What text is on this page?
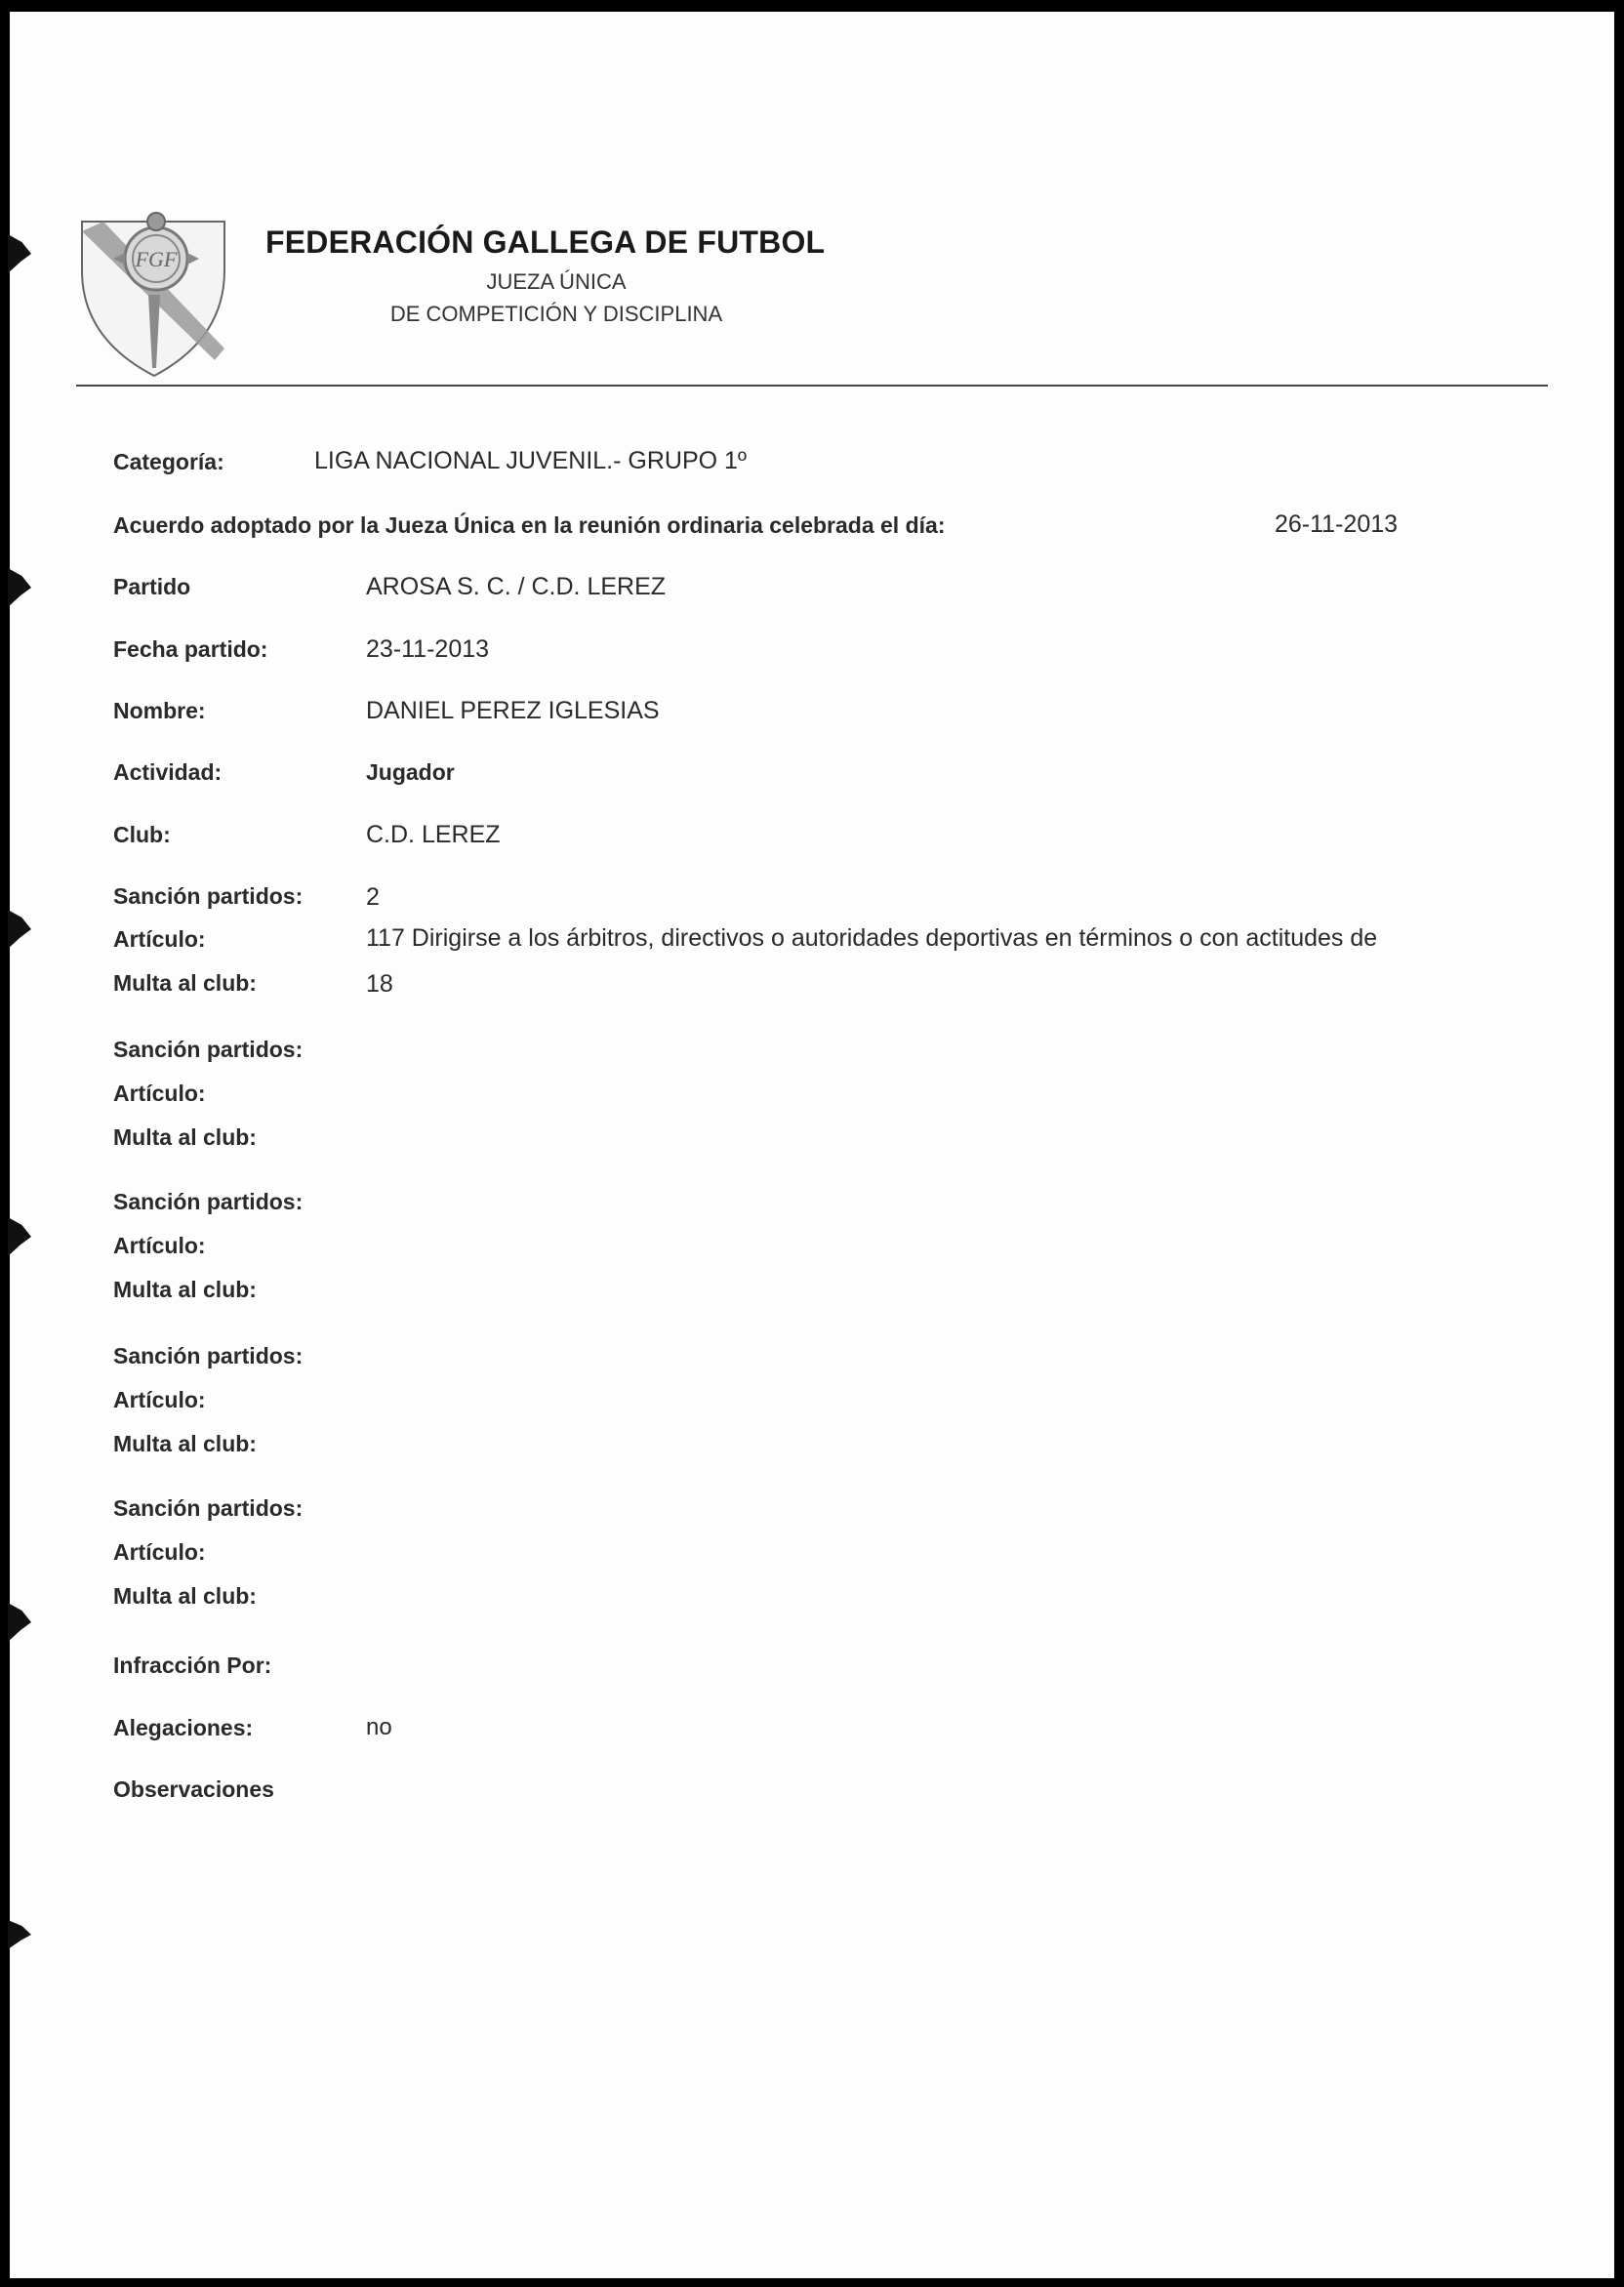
FGF	FEDERACIÓN GALLEGA DE FUTBOL
JUEZA ÚNICA
DE COMPETICIÓN Y DISCIPLINA
Categoría:	LIGA NACIONAL JUVENIL.- GRUPO 1º
Acuerdo adoptado por la Jueza Única en la reunión ordinaria celebrada el día:	26-11-2013
Partido	AROSA S. C. / C.D. LEREZ
Fecha partido:	23-11-2013
Nombre:	DANIEL PEREZ IGLESIAS
Actividad:	Jugador
Club:	C.D. LEREZ
Sanción partidos:	2
Artículo:	117 Dirigirse a los árbitros, directivos o autoridades deportivas en términos o con actitudes de
Multa al club:	18
Sanción partidos:
Artículo:
Multa al club:
Sanción partidos:
Artículo:
Multa al club:
Sanción partidos:
Artículo:
Multa al club:
Sanción partidos:
Artículo:
Multa al club:
Infracción Por:
Alegaciones:	no
Observaciones
